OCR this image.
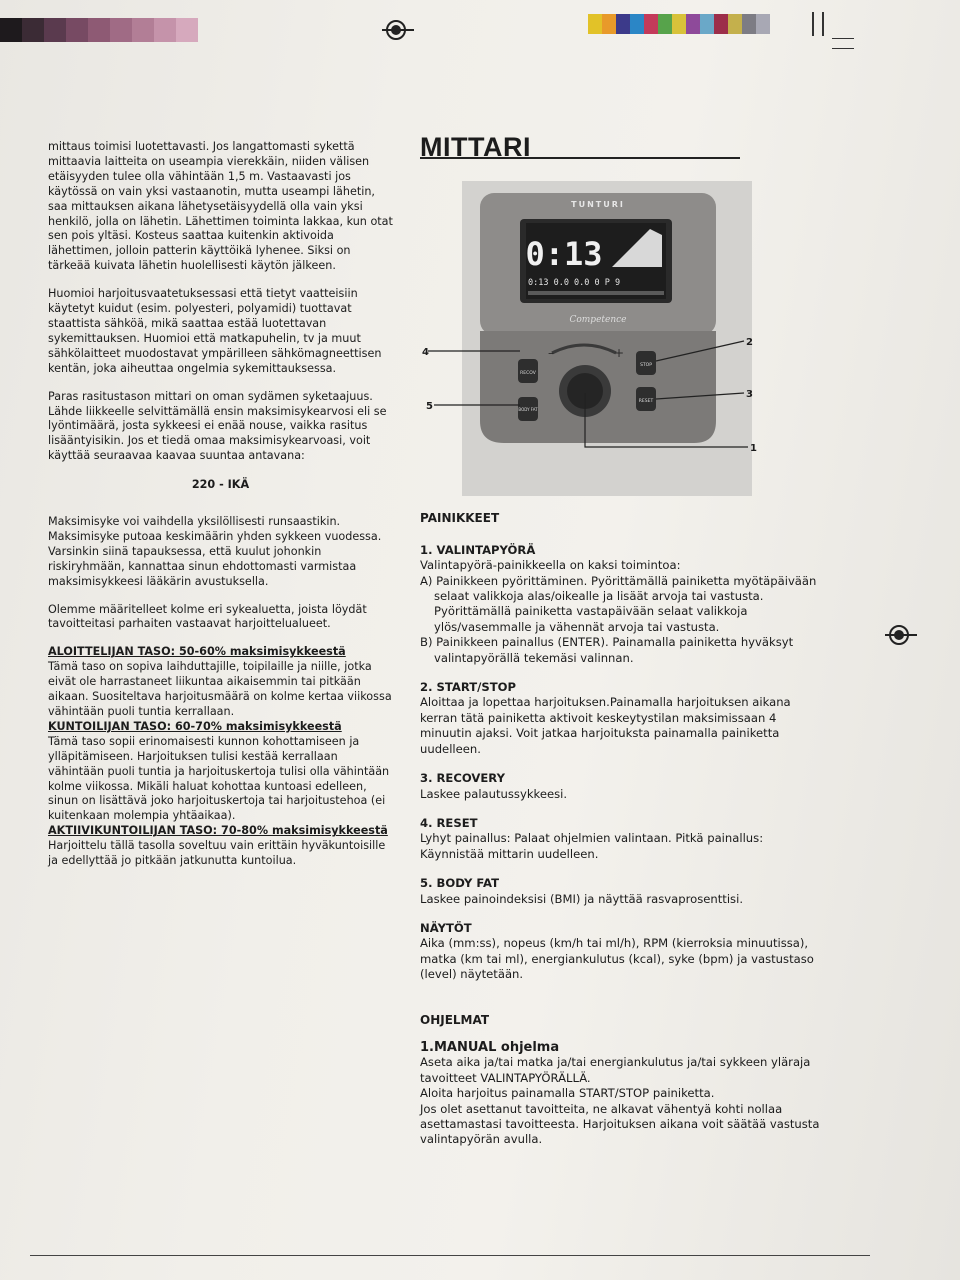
mittaus toimisi luotettavasti. Jos langattomasti sykettä mittaavia laitteita on useampia vierekkäin, niiden välisen etäisyyden tulee olla vähintään 1,5 m. Vastaavasti jos käytössä on vain yksi vastaanotin, mutta useampi lähetin, saa mittauksen aikana lähetysetäisyydellä olla vain yksi henkilö, jolla on lähetin. Lähettimen toiminta lakkaa, kun otat sen pois yltäsi. Kosteus saattaa kuitenkin aktivoida lähettimen, jolloin patterin käyttöikä lyhenee. Siksi on tärkeää kuivata lähetin huolellisesti käytön jälkeen.

Huomioi harjoitusvaatetuksessasi että tietyt vaatteisiin käytetyt kuidut (esim. polyesteri, polyamidi) tuottavat staattista sähköä, mikä saattaa estää luotettavan sykemittauksen. Huomioi että matkapuhelin, tv ja muut sähkölaitteet muodostavat ympärilleen sähkömagneettisen kentän, joka aiheuttaa ongelmia sykemittauksessa.

Paras rasitustason mittari on oman sydämen syketaajuus. Lähde liikkeelle selvittämällä ensin maksimisykearvosi eli se lyöntimäärä, josta sykkeesi ei enää nouse, vaikka rasitus lisääntyisikin. Jos et tiedä omaa maksimisykearvoasi, voit käyttää seuraavaa kaavaa suuntaa antavana:

220 - IKÄ

Maksimisyke voi vaihdella yksilöllisesti runsaastikin. Maksimisyke putoaa keskimäärin yhden sykkeen vuodessa. Varsinkin siinä tapauksessa, että kuulut johonkin riskiryhmään, kannattaa sinun ehdottomasti varmistaa maksimisykkeesi lääkärin avustuksella.

Olemme määritelleet kolme eri sykealuetta, joista löydät tavoitteitasi parhaiten vastaavat harjoittelualueet.

ALOITTELIJAN TASO: 50-60% maksimisykkeestä
Tämä taso on sopiva laihduttajille, toipilaille ja niille, jotka eivät ole harrastaneet liikuntaa aikaisemmin tai pitkään aikaan. Suositeltava harjoitusmäärä on kolme kertaa viikossa vähintään puoli tuntia kerrallaan.
KUNTOILIJAN TASO: 60-70% maksimisykkeestä
Tämä taso sopii erinomaisesti kunnon kohottamiseen ja ylläpitämiseen. Harjoituksen tulisi kestää kerrallaan vähintään puoli tuntia ja harjoituskertoja tulisi olla vähintään kolme viikossa. Mikäli haluat kohottaa kuntoasi edelleen, sinun on lisättävä joko harjoituskertoja tai harjoitustehoa (ei kuitenkaan molempia yhtäaikaa).
AKTIIVIKUNTOILIJAN TASO: 70-80% maksimisykkeestä
Harjoittelu tällä tasolla soveltuu vain erittäin hyväkuntoisille ja edellyttää jo pitkään jatkunutta kuntoilua.
MITTARI
TUNTURI
0:13
0:13 0.0 0.0 0 P 9
Competence
RECOV
BODY FAT
STOP
RESET
–	+
4
5
2
3
1
PAINIKKEET
1. VALINTAPYÖRÄ
Valintapyörä-painikkeella on kaksi toimintoa:
A) Painikkeen pyörittäminen. Pyörittämällä painiketta myötäpäivään selaat valikkoja alas/oikealle ja lisäät arvoja tai vastusta. Pyörittämällä painiketta vastapäivään selaat valikkoja ylös/vasemmalle ja vähennät arvoja tai vastusta.
B) Painikkeen painallus (ENTER). Painamalla painiketta hyväksyt valintapyörällä tekemäsi valinnan.
2. START/STOP
Aloittaa ja lopettaa harjoituksen.Painamalla harjoituksen aikana kerran tätä painiketta aktivoit keskeytystilan maksimissaan 4 minuutin ajaksi. Voit jatkaa harjoituksta painamalla painiketta uudelleen.
3. RECOVERY
Laskee palautussykkeesi.
4. RESET
Lyhyt painallus: Palaat ohjelmien valintaan. Pitkä painallus: Käynnistää mittarin uudelleen.
5. BODY FAT
Laskee painoindeksisi (BMI) ja näyttää rasvaprosenttisi.
NÄYTÖT
Aika (mm:ss), nopeus (km/h tai ml/h), RPM (kierroksia minuutissa), matka (km tai ml), energiankulutus (kcal), syke (bpm) ja vastustaso (level) näytetään.
OHJELMAT
1.MANUAL ohjelma
Aseta aika ja/tai matka ja/tai energiankulutus ja/tai sykkeen yläraja tavoitteet VALINTAPYÖRÄLLÄ.
Aloita harjoitus painamalla START/STOP painiketta.
Jos olet asettanut tavoitteita, ne alkavat vähentyä kohti nollaa asettamastasi tavoitteesta. Harjoituksen aikana voit säätää vastusta valintapyörän avulla.
